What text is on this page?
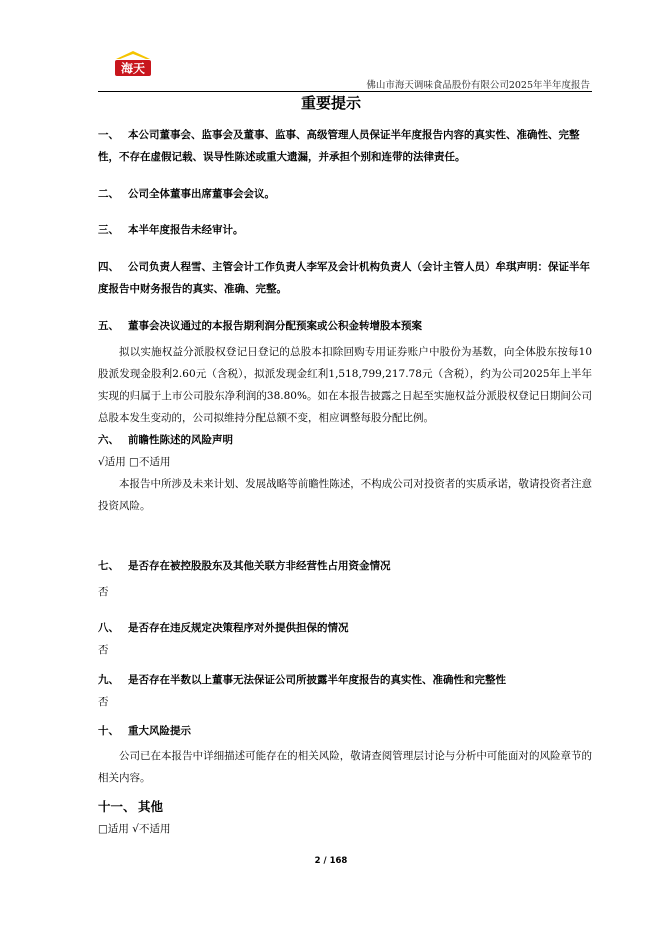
海天
佛山市海天调味食品股份有限公司2025年半年度报告
重要提示

一、 本公司董事会、监事会及董事、监事、高级管理人员保证半年度报告内容的真实性、准确性、完整性，不存在虚假记载、误导性陈述或重大遗漏，并承担个别和连带的法律责任。

二、 公司全体董事出席董事会会议。

三、 本半年度报告未经审计。

四、 公司负责人程雪、主管会计工作负责人李军及会计机构负责人（会计主管人员）牟琪声明：保证半年度报告中财务报告的真实、准确、完整。

五、 董事会决议通过的本报告期利润分配预案或公积金转增股本预案

拟以实施权益分派股权登记日登记的总股本扣除回购专用证券账户中股份为基数，向全体股东按每10股派发现金股利2.60元（含税），拟派发现金红利1,518,799,217.78元（含税），约为公司2025年上半年实现的归属于上市公司股东净利润的38.80%。如在本报告披露之日起至实施权益分派股权登记日期间公司总股本发生变动的，公司拟维持分配总额不变，相应调整每股分配比例。

六、 前瞻性陈述的风险声明

√适用 □不适用

本报告中所涉及未来计划、发展战略等前瞻性陈述，不构成公司对投资者的实质承诺，敬请投资者注意投资风险。

七、 是否存在被控股股东及其他关联方非经营性占用资金情况

否

八、 是否存在违反规定决策程序对外提供担保的情况

否

九、 是否存在半数以上董事无法保证公司所披露半年度报告的真实性、准确性和完整性

否

十、 重大风险提示

公司已在本报告中详细描述可能存在的相关风险，敬请查阅管理层讨论与分析中可能面对的风险章节的相关内容。

十一、 其他

□适用 √不适用

2 / 168
